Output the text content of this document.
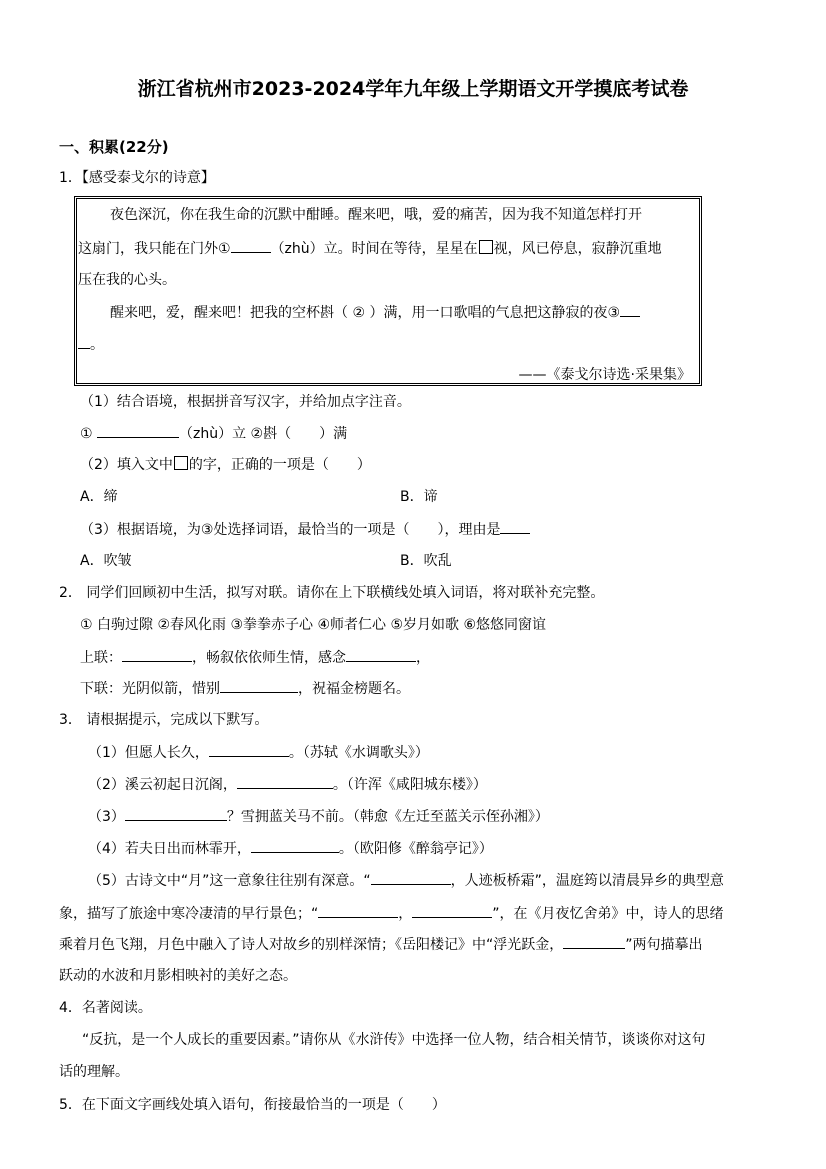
浙江省杭州市2023-2024学年九年级上学期语文开学摸底考试卷
一、积累(22分)
1．【感受泰戈尔的诗意】
夜色深沉，你在我生命的沉默中酣睡。醒来吧，哦，爱的痛苦，因为我不知道怎样打开
这扇门，我只能在门外①	（zhù）立。时间在等待，星星在 视，风已停息，寂静沉重地
压在我的心头。
醒来吧，爱，醒来吧！把我的空杯斟（ ② ）满，用一口歌唱的气息把这静寂的夜③
。
——《泰戈尔诗选·采果集》
（1）结合语境，根据拼音写汉字，并给加点字注音。
①	（zhù）立 ②斟（　　）满
（2）填入文中 的字，正确的一项是（　　）
A．缔	B．谛
（3）根据语境，为③处选择词语，最恰当的一项是（　　），理由是
A．吹皱	B．吹乱
2． 同学们回顾初中生活，拟写对联。请你在上下联横线处填入词语，将对联补充完整。
① 白驹过隙 ②春风化雨 ③拳拳赤子心 ④师者仁心 ⑤岁月如歌 ⑥悠悠同窗谊
上联：	，畅叙依依师生情，感念	，
下联：光阴似箭，惜别	，祝福金榜题名。
3． 请根据提示，完成以下默写。
（1）但愿人长久，	。（苏轼《水调歌头》）
（2）溪云初起日沉阁，	。（许浑《咸阳城东楼》）
（3）	？雪拥蓝关马不前。（韩愈《左迁至蓝关示侄孙湘》）
（4）若夫日出而林霏开，	。（欧阳修《醉翁亭记》）
（5）古诗文中“月”这一意象往往别有深意。“	，人迹板桥霜”，温庭筠以清晨异乡的典型意
象，描写了旅途中寒冷凄清的早行景色；“	，	”，在《月夜忆舍弟》中，诗人的思绪
乘着月色飞翔，月色中融入了诗人对故乡的别样深情；《岳阳楼记》中“浮光跃金，	”两句描摹出
跃动的水波和月影相映衬的美好之态。
4．名著阅读。
“反抗，是一个人成长的重要因素。”请你从《水浒传》中选择一位人物，结合相关情节，谈谈你对这句
话的理解。
5．在下面文字画线处填入语句，衔接最恰当的一项是（　　）
